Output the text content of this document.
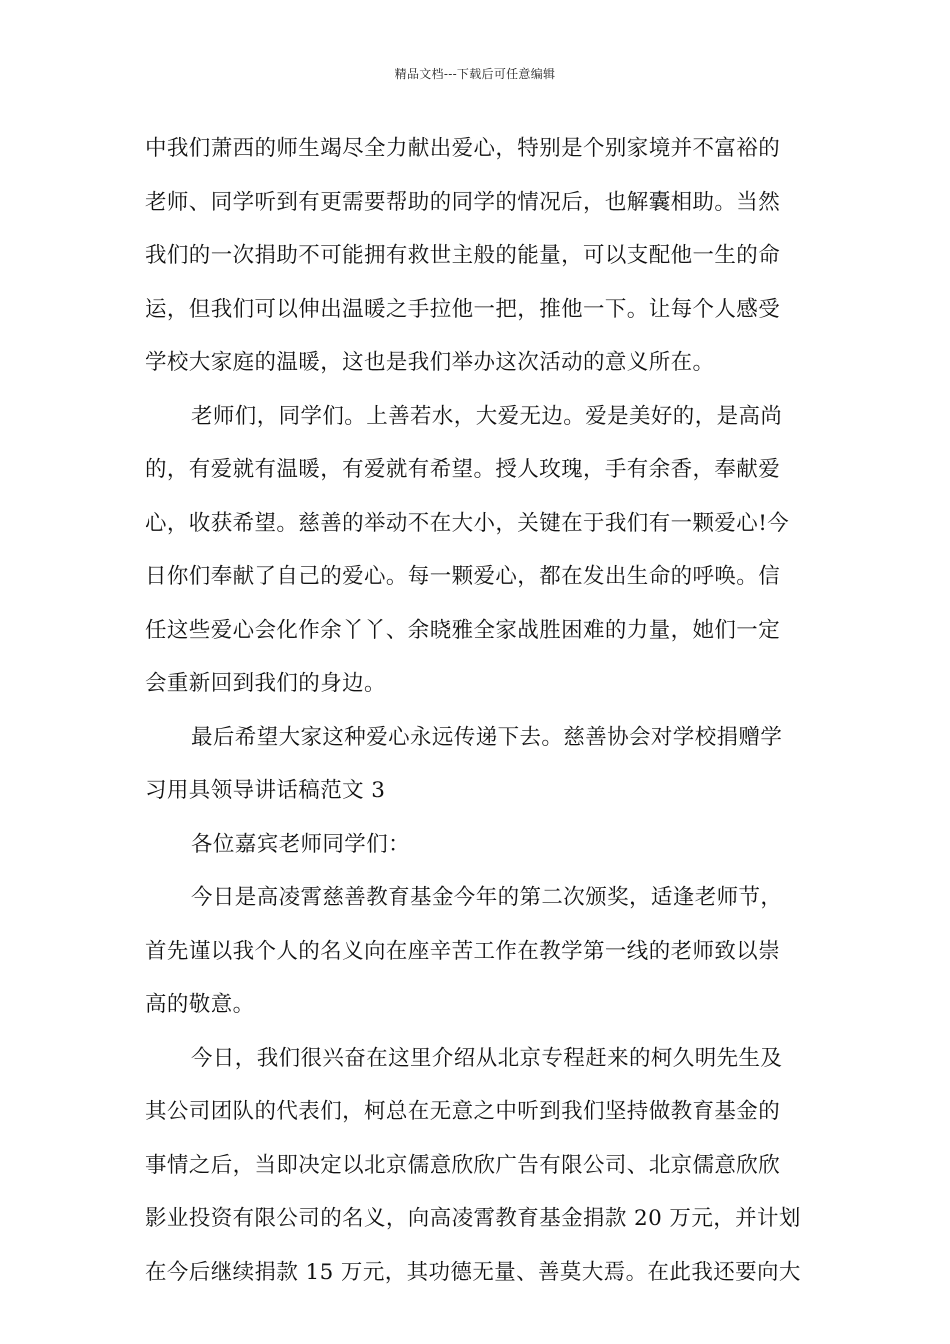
精品文档---下载后可任意编辑
中我们萧西的师生竭尽全力献出爱心，特别是个别家境并不富裕的
老师、同学听到有更需要帮助的同学的情况后，也解囊相助。当然
我们的一次捐助不可能拥有救世主般的能量，可以支配他一生的命
运，但我们可以伸出温暖之手拉他一把，推他一下。让每个人感受
学校大家庭的温暖，这也是我们举办这次活动的意义所在。
老师们，同学们。上善若水，大爱无边。爱是美好的，是高尚
的，有爱就有温暖，有爱就有希望。授人玫瑰，手有余香，奉献爱
心，收获希望。慈善的举动不在大小，关键在于我们有一颗爱心!今
日你们奉献了自己的爱心。每一颗爱心，都在发出生命的呼唤。信
任这些爱心会化作余丫丫、余晓雅全家战胜困难的力量，她们一定
会重新回到我们的身边。
最后希望大家这种爱心永远传递下去。慈善协会对学校捐赠学
习用具领导讲话稿范文 3
各位嘉宾老师同学们：
今日是高凌霄慈善教育基金今年的第二次颁奖，适逢老师节，
首先谨以我个人的名义向在座辛苦工作在教学第一线的老师致以崇
高的敬意。
今日，我们很兴奋在这里介绍从北京专程赶来的柯久明先生及
其公司团队的代表们，柯总在无意之中听到我们坚持做教育基金的
事情之后，当即决定以北京儒意欣欣广告有限公司、北京儒意欣欣
影业投资有限公司的名义，向高凌霄教育基金捐款 20 万元，并计划
在今后继续捐款 15 万元，其功德无量、善莫大焉。在此我还要向大
